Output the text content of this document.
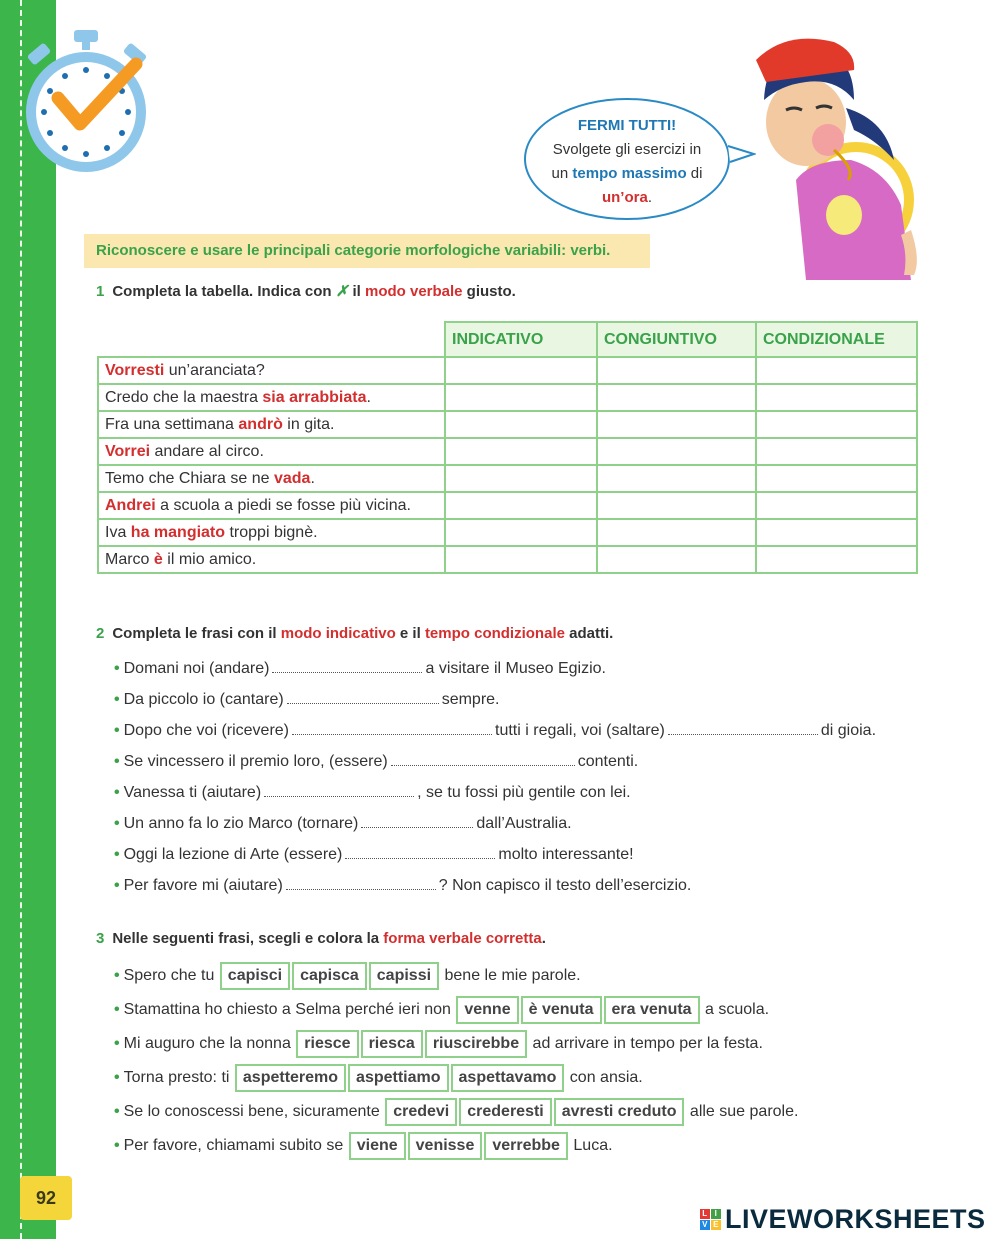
92
FERMI TUTTI!
Svolgete gli esercizi in
un tempo massimo di
un’ora.
Riconoscere e usare le principali categorie morfologiche variabili: verbi.
1 Completa la tabella. Indica con ✗ il modo verbale giusto.
	INDICATIVO	CONGIUNTIVO	CONDIZIONALE
Vorresti un’aranciata?			
Credo che la maestra sia arrabbiata.			
Fra una settimana andrò in gita.			
Vorrei andare al circo.			
Temo che Chiara se ne vada.			
Andrei a scuola a piedi se fosse più vicina.			
Iva ha mangiato troppi bignè.			
Marco è il mio amico.			
2 Completa le frasi con il modo indicativo e il tempo condizionale adatti.
• Domani noi (andare)	a visitare il Museo Egizio.
• Da piccolo io (cantare)	sempre.
• Dopo che voi (ricevere)	tutti i regali, voi (saltare)	di gioia.
• Se vincessero il premio loro, (essere)	contenti.
• Vanessa ti (aiutare)	, se tu fossi più gentile con lei.
• Un anno fa lo zio Marco (tornare)	dall’Australia.
• Oggi la lezione di Arte (essere)	molto interessante!
• Per favore mi (aiutare)	? Non capisco il testo dell’esercizio.
3 Nelle seguenti frasi, scegli e colora la forma verbale corretta.
• Spero che tu capisci capisca capissi bene le mie parole.
• Stamattina ho chiesto a Selma perché ieri non venne è venuta era venuta a scuola.
• Mi auguro che la nonna riesce riesca riuscirebbe ad arrivare in tempo per la festa.
• Torna presto: ti aspetteremo aspettiamo aspettavamo con ansia.
• Se lo conoscessi bene, sicuramente credevi crederesti avresti creduto alle sue parole.
• Per favore, chiamami subito se viene venisse verrebbe Luca.
L I
V E LIVEWORKSHEETS
